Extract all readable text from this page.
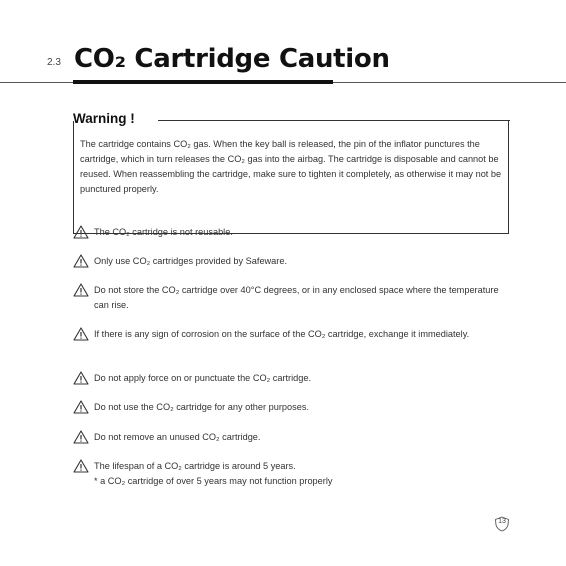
2.3 CO₂ Cartridge Caution
Warning !

The cartridge contains CO₂ gas. When the key ball is released, the pin of the inflator punctures the cartridge, which in turn releases the CO₂ gas into the airbag. The cartridge is disposable and cannot be reused. When reassembling the cartridge, make sure to tighten it completely, as otherwise it may not be punctured properly.

The CO₂ cartridge is not reusable.
Only use CO₂ cartridges provided by Safeware.
Do not store the CO₂ cartridge over 40°C degrees, or in any enclosed space where the temperature can rise.
If there is any sign of corrosion on the surface of the CO₂ cartridge, exchange it immediately.
Do not apply force on or punctuate the CO₂ cartridge.
Do not use the CO₂ cartridge for any other purposes.
Do not remove an unused CO₂ cartridge.
The lifespan of a CO₂ cartridge is around 5 years.
* a CO₂ cartridge of over 5 years may not function properly
13
